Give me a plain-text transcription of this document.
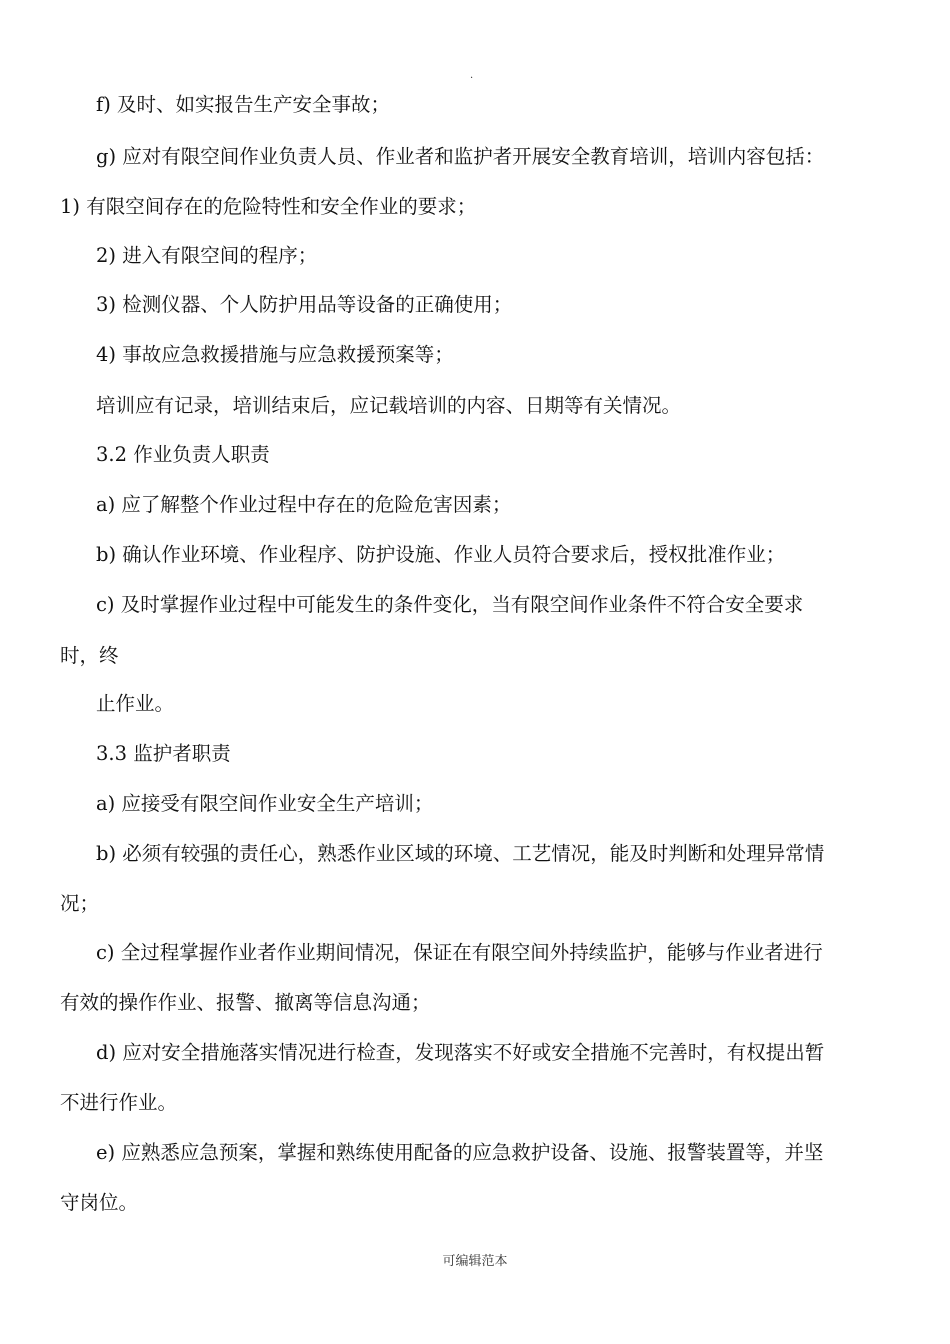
.
f) 及时、如实报告生产安全事故；
g) 应对有限空间作业负责人员、作业者和监护者开展安全教育培训，培训内容包括：
1) 有限空间存在的危险特性和安全作业的要求；
2) 进入有限空间的程序；
3) 检测仪器、个人防护用品等设备的正确使用；
4) 事故应急救援措施与应急救援预案等；
培训应有记录，培训结束后，应记载培训的内容、日期等有关情况。
3.2 作业负责人职责
a) 应了解整个作业过程中存在的危险危害因素；
b) 确认作业环境、作业程序、防护设施、作业人员符合要求后，授权批准作业；
c) 及时掌握作业过程中可能发生的条件变化，当有限空间作业条件不符合安全要求
时，终
止作业。
3.3 监护者职责
a) 应接受有限空间作业安全生产培训；
b) 必须有较强的责任心，熟悉作业区域的环境、工艺情况，能及时判断和处理异常情
况；
c) 全过程掌握作业者作业期间情况，保证在有限空间外持续监护，能够与作业者进行
有效的操作作业、报警、撤离等信息沟通；
d) 应对安全措施落实情况进行检查，发现落实不好或安全措施不完善时，有权提出暂
不进行作业。
e) 应熟悉应急预案，掌握和熟练使用配备的应急救护设备、设施、报警装置等，并坚
守岗位。
可编辑范本
